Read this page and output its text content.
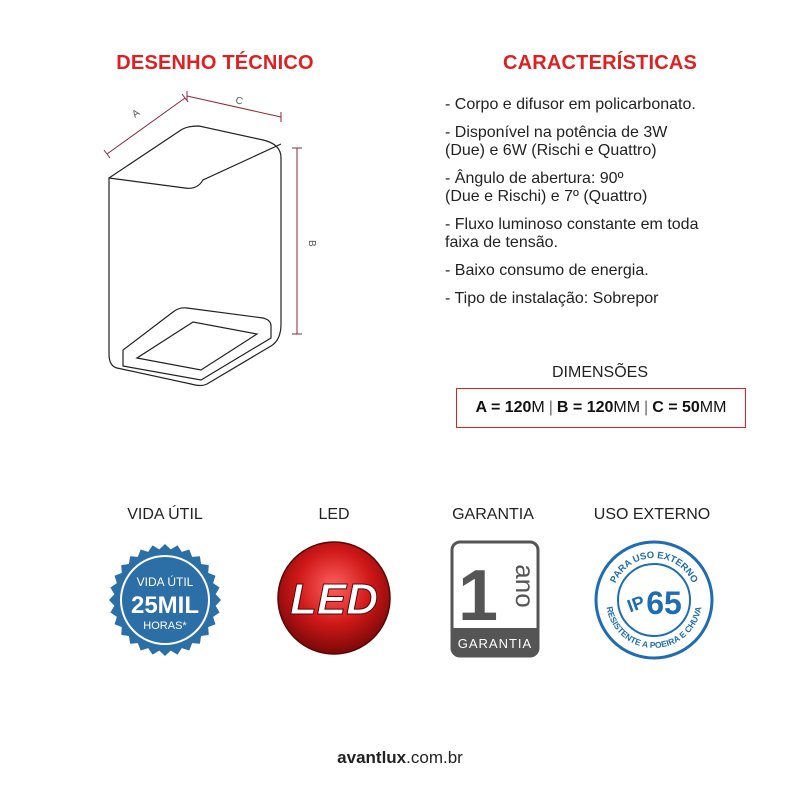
DESENHO TÉCNICO	CARACTERÍSTICAS
A
C
B
- Corpo e difusor em policarbonato.
- Disponível na potência de 3W
(Due) e 6W (Rischi e Quattro)
- Ângulo de abertura: 90º
(Due e Rischi) e 7º (Quattro)
- Fluxo luminoso constante em toda
faixa de tensão.
- Baixo consumo de energia.
- Tipo de instalação: Sobrepor
DIMENSÕES
A = 120 M | B = 120 MM | C = 50 MM
VIDA ÚTIL	LED	GARANTIA	USO EXTERNO
VIDA ÚTIL
25MIL
HORAS*
LED 1 ano
GARANTIA
PARA USO EXTERNO
RESISTENTE A POEIRA E CHUVA
IP
65
avantlux.com.br
